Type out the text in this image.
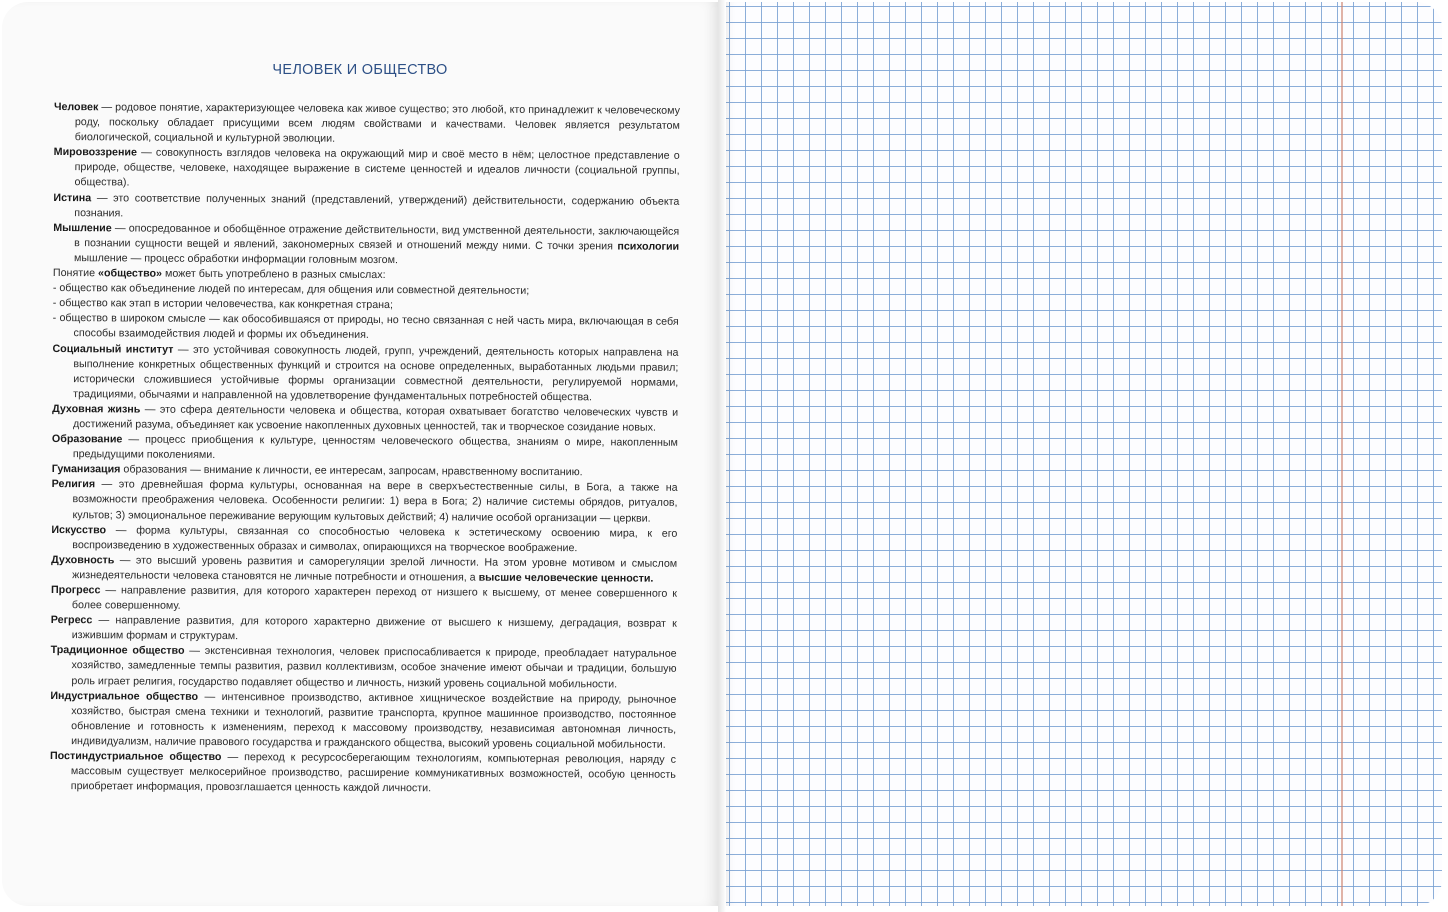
ЧЕЛОВЕК И ОБЩЕСТВО

Человек — родовое понятие, характеризующее человека как живое существо; это любой, кто принадлежит к человеческому роду, поскольку обладает присущими всем людям свойствами и качествами. Человек является результатом биологической, социальной и культурной эволюции.

Мировоззрение — совокупность взглядов человека на окружающий мир и своё место в нём; целостное представление о природе, обществе, человеке, находящее выражение в системе ценностей и идеалов личности (социальной группы, общества).

Истина — это соответствие полученных знаний (представлений, утверждений) действительности, содержанию объекта познания.

Мышление — опосредованное и обобщённое отражение действительности, вид умственной деятельности, заключающейся в познании сущности вещей и явлений, закономерных связей и отношений между ними. С точки зрения психологии мышление — процесс обработки информации головным мозгом.

Понятие «общество» может быть употреблено в разных смыслах:

- общество как объединение людей по интересам, для общения или совместной деятельности;

- общество как этап в истории человечества, как конкретная страна;

- общество в широком смысле — как обособившаяся от природы, но тесно связанная с ней часть мира, включающая в себя способы взаимодействия людей и формы их объединения.

Социальный институт — это устойчивая совокупность людей, групп, учреждений, деятельность которых направлена на выполнение конкретных общественных функций и строится на основе определенных, выработанных людьми правил; исторически сложившиеся устойчивые формы организации совместной деятельности, регулируемой нормами, традициями, обычаями и направленной на удовлетворение фундаментальных потребностей общества.

Духовная жизнь — это сфера деятельности человека и общества, которая охватывает богатство человеческих чувств и достижений разума, объединяет как усвоение накопленных духовных ценностей, так и творческое созидание новых.

Образование — процесс приобщения к культуре, ценностям человеческого общества, знаниям о мире, накопленным предыдущими поколениями.

Гуманизация образования — внимание к личности, ее интересам, запросам, нравственному воспитанию.

Религия — это древнейшая форма культуры, основанная на вере в сверхъестественные силы, в Бога, а также на возможности преображения человека. Особенности религии: 1) вера в Бога; 2) наличие системы обрядов, ритуалов, культов; 3) эмоциональное переживание верующим культовых действий; 4) наличие особой организации — церкви.

Искусство — форма культуры, связанная со способностью человека к эстетическому освоению мира, к его воспроизведению в художественных образах и символах, опирающихся на творческое воображение.

Духовность — это высший уровень развития и саморегуляции зрелой личности. На этом уровне мотивом и смыслом жизнедеятельности человека становятся не личные потребности и отношения, а высшие человеческие ценности.

Прогресс — направление развития, для которого характерен переход от низшего к высшему, от менее совершенного к более совершенному.

Регресс — направление развития, для которого характерно движение от высшего к низшему, деградация, возврат к изжившим формам и структурам.

Традиционное общество — экстенсивная технология, человек приспосабливается к природе, преобладает натуральное хозяйство, замедленные темпы развития, развил коллективизм, особое значение имеют обычаи и традиции, большую роль играет религия, государство подавляет общество и личность, низкий уровень социальной мобильности.

Индустриальное общество — интенсивное производство, активное хищническое воздействие на природу, рыночное хозяйство, быстрая смена техники и технологий, развитие транспорта, крупное машинное производство, постоянное обновление и готовность к изменениям, переход к массовому производству, независимая автономная личность, индивидуализм, наличие правового государства и гражданского общества, высокий уровень социальной мобильности.

Постиндустриальное общество — переход к ресурсосберегающим технологиям, компьютерная революция, наряду с массовым существует мелкосерийное производство, расширение коммуникативных возможностей, особую ценность приобретает информация, провозглашается ценность каждой личности.
